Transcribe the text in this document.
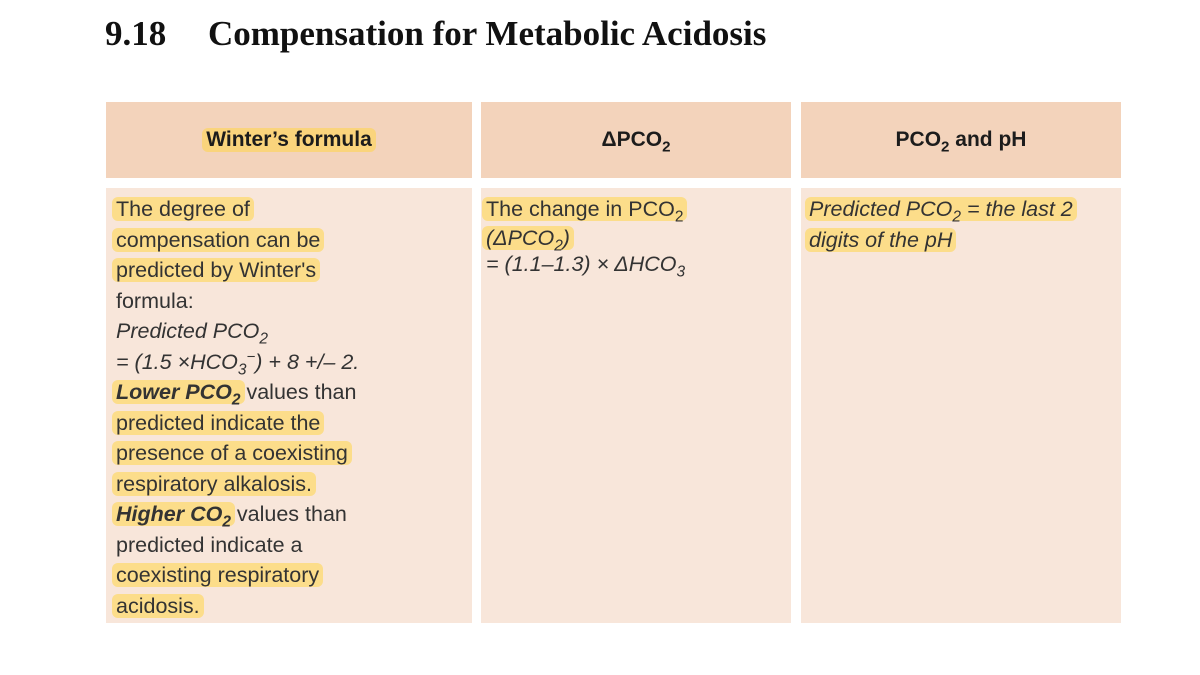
9.18 Compensation for Metabolic Acidosis
Winter’s formula	$\Delta PCO_2$	$PCO_2$ and pH
The degree of
compensation can be
predicted by Winter's
formula:
Predicted $PCO_2$
= $(1.5 \times HCO_3^-) + 8$ +/– 2.
Lower $PCO_2$ values than
predicted indicate the
presence of a coexisting
respiratory alkalosis.
Higher $CO_2$ values than
predicted indicate a
coexisting respiratory
acidosis.
The change in $PCO_2$
$(\Delta PCO_2)$
= $(1.1-1.3) \times \Delta HCO_3$
Predicted $PCO_2$ = the last 2
digits of the pH
